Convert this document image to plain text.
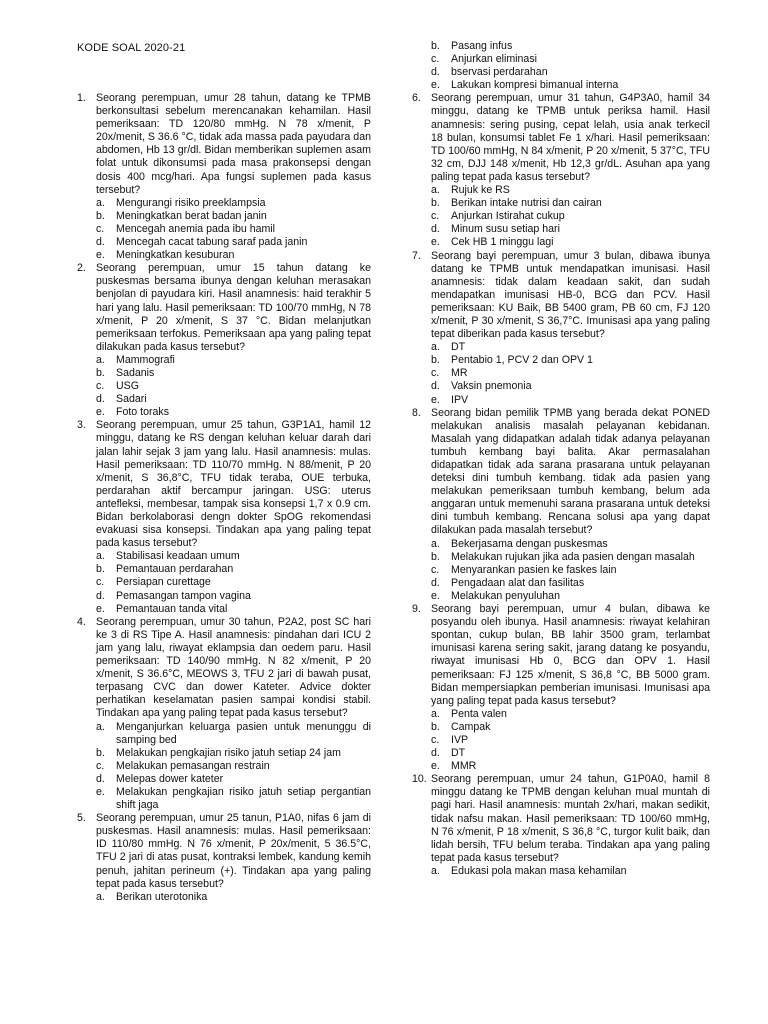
KODE SOAL 2020-21
1. Seorang perempuan, umur 28 tahun, datang ke TPMB berkonsultasi sebelum merencanakan kehamilan. Hasil pemeriksaan: TD 120/80 mmHg. N 78 x/menit, P 20x/menit, S 36.6 °C, tidak ada massa pada payudara dan abdomen, Hb 13 gr/dl. Bidan memberikan suplemen asam folat untuk dikonsumsi pada masa prakonsepsi dengan dosis 400 mcg/hari. Apa fungsi suplemen pada kasus tersebut?
a.	Mengurangi risiko preeklampsia
b.	Meningkatkan berat badan janin
c.	Mencegah anemia pada ibu hamil
d.	Mencegah cacat tabung saraf pada janin
e.	Meningkatkan kesuburan
2. Seorang perempuan, umur 15 tahun datang ke puskesmas bersama ibunya dengan keluhan merasakan benjolan di payudara kiri. Hasil anamnesis: haid terakhir 5 hari yang lalu. Hasil pemeriksaan: TD 100/70 mmHg, N 78 x/menit, P 20 x/menit, S 37 °C. Bidan melanjutkan pemeriksaan terfokus. Pemeriksaan apa yang paling tepat dilakukan pada kasus tersebut?
a.	Mammografi
b.	Sadanis
c.	USG
d.	Sadari
e.	Foto toraks
3. Seorang perempuan, umur 25 tahun, G3P1A1, hamil 12 minggu, datang ke RS dengan keluhan keluar darah dari jalan lahir sejak 3 jam yang lalu. Hasil anamnesis: mulas. Hasil pemeriksaan: TD 110/70 mmHg. N 88/menit, P 20 x/menit, S 36,8°C, TFU tidak teraba, OUE terbuka, perdarahan aktif bercampur jaringan. USG: uterus antefleksi, membesar, tampak sisa konsepsi 1,7 x 0.9 cm. Bidan berkolaborasi dengn dokter SpOG rekomendasi evakuasi sisa konsepsi. Tindakan apa yang paling tepat pada kasus tersebut?
a.	Stabilisasi keadaan umum
b.	Pemantauan perdarahan
c.	Persiapan curettage
d.	Pemasangan tampon vagina
e.	Pemantauan tanda vital
4. Seorang perempuan, umur 30 tahun, P2A2, post SC hari ke 3 di RS Tipe A. Hasil anamnesis: pindahan dari ICU 2 jam yang lalu, riwayat eklampsia dan oedem paru. Hasil pemeriksaan: TD 140/90 mmHg. N 82 x/menit, P 20 x/menit, S 36.6°C, MEOWS 3, TFU 2 jari di bawah pusat, terpasang CVC dan dower Kateter. Advice dokter perhatikan keselamatan pasien sampai kondisi stabil. Tindakan apa yang paling tepat pada kasus tersebut?
a.	Menganjurkan keluarga pasien untuk menunggu di samping bed
b.	Melakukan pengkajian risiko jatuh setiap 24 jam
c.	Melakukan pemasangan restrain
d.	Melepas dower kateter
e.	Melakukan pengkajian risiko jatuh setiap pergantian shift jaga
5. Seorang perempuan, umur 25 tanun, P1A0, nifas 6 jam di puskesmas. Hasil anamnesis: mulas. Hasil pemeriksaan: ID 110/80 mmHg. N 76 x/menit, P 20x/menit, 5 36.5°C, TFU 2 jari di atas pusat, kontraksi lembek, kandung kemih penuh, jahitan perineum (+). Tindakan apa yang paling tepat pada kasus tersebut?
a.	Berikan uterotonika
b.	Pasang infus
c.	Anjurkan eliminasi
d.	bservasi perdarahan
e.	Lakukan kompresi bimanual interna
6. Seorang perempuan, umur 31 tahun, G4P3A0, hamil 34 minggu, datang ke TPMB untuk periksa hamil. Hasil anamnesis: sering pusing, cepat lelah, usia anak terkecil 18 bulan, konsumsi tablet Fe 1 x/hari. Hasil pemeriksaan: TD 100/60 mmHg, N 84 x/menit, P 20 x/menit, 5 37°C, TFU 32 cm, DJJ 148 x/menit, Hb 12,3 gr/dL. Asuhan apa yang paling tepat pada kasus tersebut?
a.	Rujuk ke RS
b.	Berikan intake nutrisi dan cairan
c.	Anjurkan Istirahat cukup
d.	Minum susu setiap hari
e.	Cek HB 1 minggu lagi
7. Seorang bayi perempuan, umur 3 bulan, dibawa ibunya datang ke TPMB untuk mendapatkan imunisasi. Hasil anamnesis: tidak dalam keadaan sakit, dan sudah mendapatkan imunisasi HB-0, BCG dan PCV. Hasil pemeriksaan: KU Baik, BB 5400 gram, PB 60 cm, FJ 120 x/menit, P 30 x/menit, S 36,7°C. Imunisasi apa yang paling tepat diberikan pada kasus tersebut?
a.	DT
b.	Pentabio 1, PCV 2 dan OPV 1
c.	MR
d.	Vaksin pnemonia
e.	IPV
8. Seorang bidan pemilik TPMB yang berada dekat PONED melakukan analisis masalah pelayanan kebidanan. Masalah yang didapatkan adalah tidak adanya pelayanan tumbuh kembang bayi balita. Akar permasalahan didapatkan tidak ada sarana prasarana untuk pelayanan deteksi dini tumbuh kembang. tidak ada pasien yang melakukan pemeriksaan tumbuh kembang, belum ada anggaran untuk memenuhi sarana prasarana untuk deteksi dini tumbuh kembang. Rencana solusi apa yang dapat dilakukan pada masalah tersebut?
a.	Bekerjasama dengan puskesmas
b.	Melakukan rujukan jika ada pasien dengan masalah
c.	Menyarankan pasien ke faskes lain
d.	Pengadaan alat dan fasilitas
e.	Melakukan penyuluhan
9. Seorang bayi perempuan, umur 4 bulan, dibawa ke posyandu oleh ibunya. Hasil anamnesis: riwayat kelahiran spontan, cukup bulan, BB lahir 3500 gram, terlambat imunisasi karena sering sakit, jarang datang ke posyandu, riwayat imunisasi Hb 0, BCG dan OPV 1. Hasil pemeriksaan: FJ 125 x/menit, S 36,8 °C, BB 5000 gram. Bidan mempersiapkan pemberian imunisasi. Imunisasi apa yang paling tepat pada kasus tersebut?
a.	Penta valen
b.	Campak
c.	IVP
d.	DT
e.	MMR
10. Seorang perempuan, umur 24 tahun, G1P0A0, hamil 8 minggu datang ke TPMB dengan keluhan mual muntah di pagi hari. Hasil anamnesis: muntah 2x/hari, makan sedikit, tidak nafsu makan. Hasil pemeriksaan: TD 100/60 mmHg, N 76 x/menit, P 18 x/menit, S 36,8 °C, turgor kulit baik, dan lidah bersih, TFU belum teraba. Tindakan apa yang paling tepat pada kasus tersebut?
a.	Edukasi pola makan masa kehamilan
